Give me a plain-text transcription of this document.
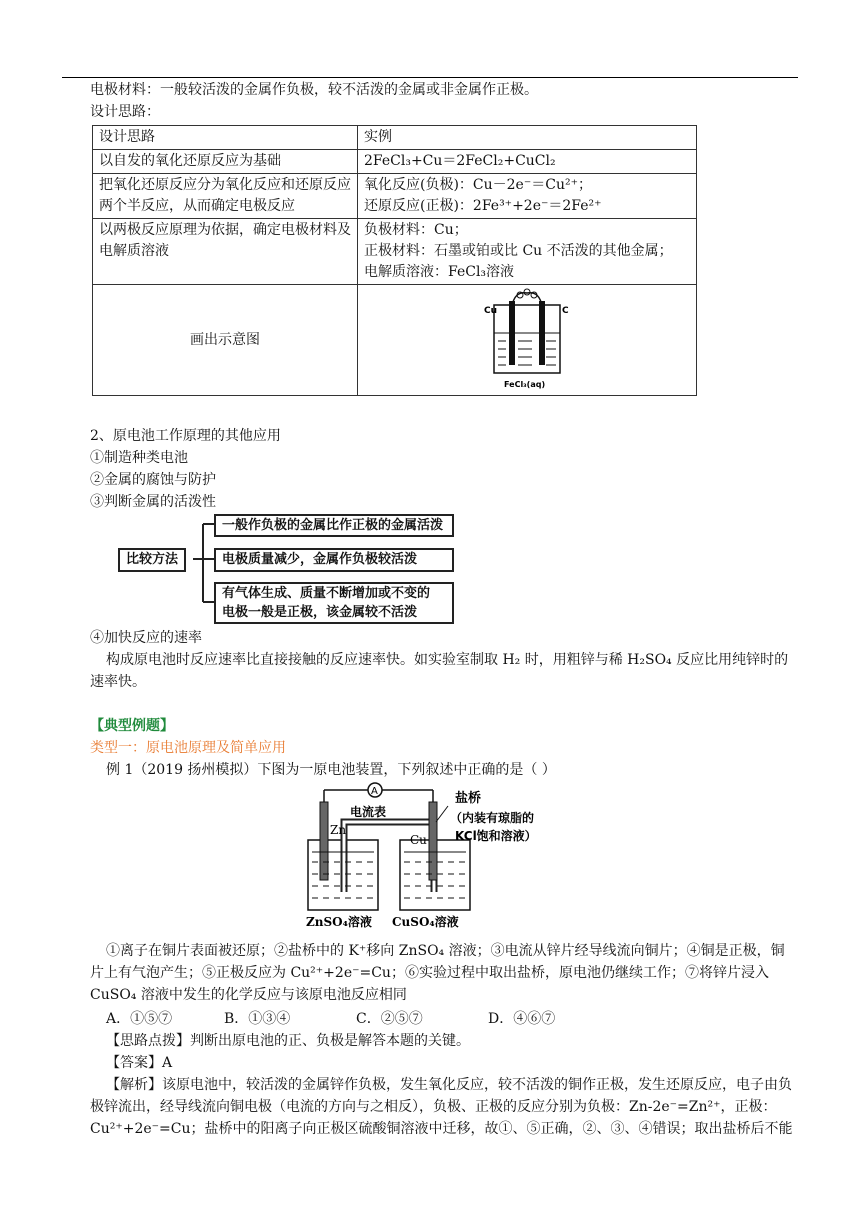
电极材料：一般较活泼的金属作负极，较不活泼的金属或非金属作正极。
设计思路：
设计思路	实例
以自发的氧化还原反应为基础	2FeCl₃+Cu＝2FeCl₂+CuCl₂
把氧化还原反应分为氧化反应和还原反应两个半反应，从而确定电极反应	氧化反应(负极)：Cu－2e⁻＝Cu²⁺；
还原反应(正极)：2Fe³⁺+2e⁻＝2Fe²⁺

以两极反应原理为依据，确定电极材料及电解质溶液	负极材料：Cu；
正极材料：石墨或铂或比 Cu 不活泼的其他金属；
电解质溶液：FeCl₃溶液

画出示意图	Cu C
FeCl₃(aq)
2、原电池工作原理的其他应用
①制造种类电池
②金属的腐蚀与防护
③判断金属的活泼性
比较方法
一般作负极的金属比作正极的金属活泼
电极质量减少，金属作负极较活泼
有气体生成、质量不断增加或不变的
电极一般是正极，该金属较不活泼
④加快反应的速率
构成原电池时反应速率比直接接触的反应速率快。如实验室制取 H₂ 时，用粗锌与稀 H₂SO₄ 反应比用纯锌时的速率快。
【典型例题】
类型一：原电池原理及简单应用
例 1（2019 扬州模拟）下图为一原电池装置，下列叙述中正确的是（ ）
A
电流表
Zn
Cu
盐桥
（内装有琼脂的
KCl饱和溶液）
ZnSO₄溶液 CuSO₄溶液
①离子在铜片表面被还原；②盐桥中的 K⁺移向 ZnSO₄ 溶液；③电流从锌片经导线流向铜片；④铜是正极，铜片上有气泡产生；⑤正极反应为 Cu²⁺+2e⁻=Cu；⑥实验过程中取出盐桥，原电池仍继续工作；⑦将锌片浸入 CuSO₄ 溶液中发生的化学反应与该原电池反应相同
A．①⑤⑦	B．①③④	C．②⑤⑦	D．④⑥⑦
【思路点拨】判断出原电池的正、负极是解答本题的关键。
【答案】A
【解析】该原电池中，较活泼的金属锌作负极，发生氧化反应，较不活泼的铜作正极，发生还原反应，电子由负极锌流出，经导线流向铜电极（电流的方向与之相反），负极、正极的反应分别为负极：Zn-2e⁻=Zn²⁺，正极：Cu²⁺+2e⁻=Cu；盐桥中的阳离子向正极区硫酸铜溶液中迁移，故①、⑤正确，②、③、④错误；取出盐桥后不能
